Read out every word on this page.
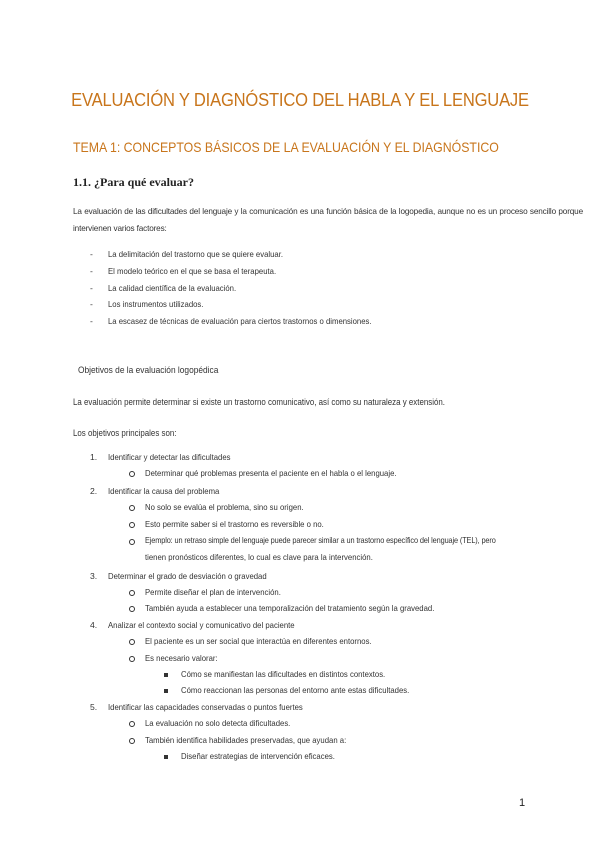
EVALUACIÓN Y DIAGNÓSTICO DEL HABLA Y EL LENGUAJE
TEMA 1: CONCEPTOS BÁSICOS DE LA EVALUACIÓN Y EL DIAGNÓSTICO
1.1. ¿Para qué evaluar?
La evaluación de las dificultades del lenguaje y la comunicación es una función básica de la logopedia, aunque no es un proceso sencillo porque intervienen varios factores:
- La delimitación del trastorno que se quiere evaluar.
- El modelo teórico en el que se basa el terapeuta.
- La calidad científica de la evaluación.
- Los instrumentos utilizados.
- La escasez de técnicas de evaluación para ciertos trastornos o dimensiones.
Objetivos de la evaluación logopédica
La evaluación permite determinar si existe un trastorno comunicativo, así como su naturaleza y extensión.
Los objetivos principales son:
1. Identificar y detectar las dificultades
Determinar qué problemas presenta el paciente en el habla o el lenguaje.
2. Identificar la causa del problema
No solo se evalúa el problema, sino su origen.
Esto permite saber si el trastorno es reversible o no.
Ejemplo: un retraso simple del lenguaje puede parecer similar a un trastorno específico del lenguaje (TEL), pero
tienen pronósticos diferentes, lo cual es clave para la intervención.
3. Determinar el grado de desviación o gravedad
Permite diseñar el plan de intervención.
También ayuda a establecer una temporalización del tratamiento según la gravedad.
4. Analizar el contexto social y comunicativo del paciente
El paciente es un ser social que interactúa en diferentes entornos.
Es necesario valorar:
Cómo se manifiestan las dificultades en distintos contextos.
Cómo reaccionan las personas del entorno ante estas dificultades.
5. Identificar las capacidades conservadas o puntos fuertes
La evaluación no solo detecta dificultades.
También identifica habilidades preservadas, que ayudan a:
Diseñar estrategias de intervención eficaces.
1
